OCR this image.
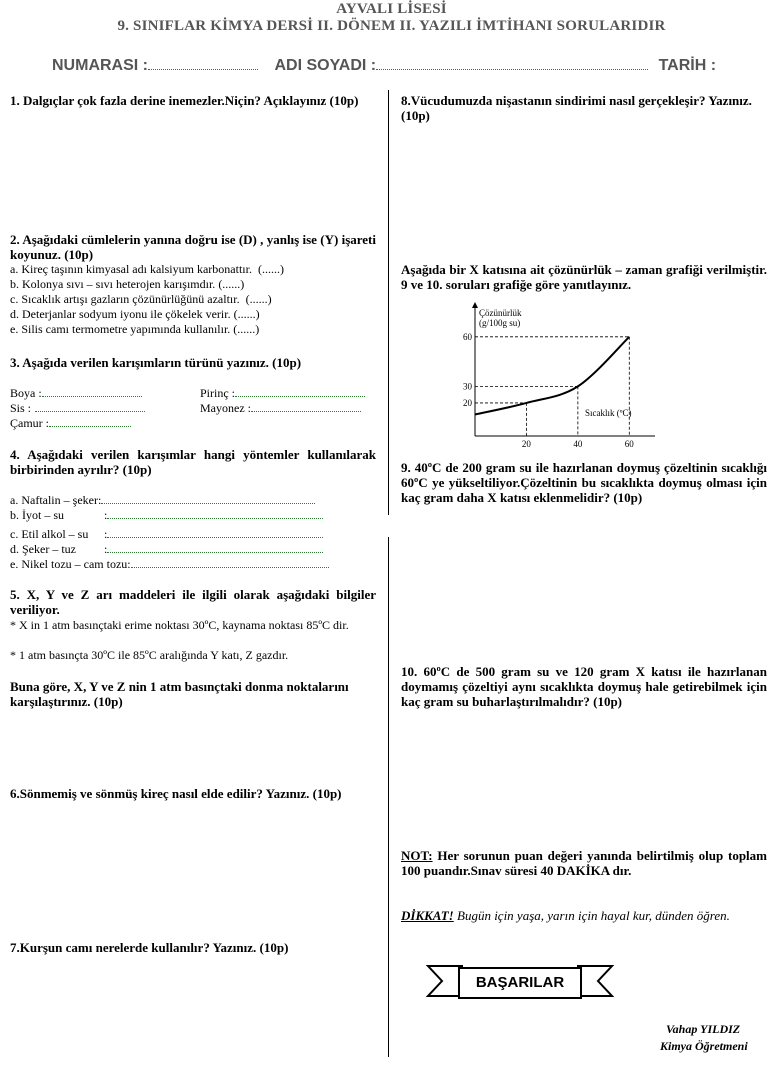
AYVALI LİSESİ
9. SINIFLAR KİMYA DERSİ II. DÖNEM II. YAZILI İMTİHANI SORULARIDIR
NUMARASI :	ADI SOYADI :	TARİH :
1. Dalgıçlar çok fazla derine inemezler.Niçin? Açıklayınız (10p)
2. Aşağıdaki cümlelerin yanına doğru ise (D) , yanlış ise (Y) işareti koyunuz. (10p)
a. Kireç taşının kimyasal adı kalsiyum karbonattır. (......)
b. Kolonya sıvı – sıvı heterojen karışımdır. (......)
c. Sıcaklık artışı gazların çözünürlüğünü azaltır. (......)
d. Deterjanlar sodyum iyonu ile çökelek verir. (......)
e. Silis camı termometre yapımında kullanılır. (......)
3. Aşağıda verilen karışımların türünü yazınız. (10p)
Boya :	Pirinç :
Sis :	Mayonez :
Çamur :
4. Aşağıdaki verilen karışımlar hangi yöntemler kullanılarak birbirinden ayrılır? (10p)
a. Naftalin – şeker:
b. İyot – su	:
c. Etil alkol – su :
d. Şeker – tuz :
e. Nikel tozu – cam tozu:
5. X, Y ve Z arı maddeleri ile ilgili olarak aşağıdaki bilgiler veriliyor.
* X in 1 atm basınçtaki erime noktası 30ºC, kaynama noktası 85ºC dir.
* 1 atm basınçta 30ºC ile 85ºC aralığında Y katı, Z gazdır.
Buna göre, X, Y ve Z nin 1 atm basınçtaki donma noktalarını karşılaştırınız. (10p)
6.Sönmemiş ve sönmüş kireç nasıl elde edilir? Yazınız. (10p)
7.Kurşun camı nerelerde kullanılır? Yazınız. (10p)
8.Vücudumuzda nişastanın sindirimi nasıl gerçekleşir? Yazınız. (10p)
Aşağıda bir X katısına ait çözünürlük – zaman grafiği verilmiştir. 9 ve 10. soruları grafiğe göre yanıtlayınız.
Çözünürlük
(g/100g su)
Sıcaklık (ºC)
20	40	60
20
30
60
9. 40ºC de 200 gram su ile hazırlanan doymuş çözeltinin sıcaklığı 60ºC ye yükseltiliyor.Çözeltinin bu sıcaklıkta doymuş olması için kaç gram daha X katısı eklenmelidir? (10p)
10. 60ºC de 500 gram su ve 120 gram X katısı ile hazırlanan doymamış çözeltiyi aynı sıcaklıkta doymuş hale getirebilmek için kaç gram su buharlaştırılmalıdır? (10p)
NOT: Her sorunun puan değeri yanında belirtilmiş olup toplam 100 puandır.Sınav süresi 40 DAKİKA dır.
DİKKAT! Bugün için yaşa, yarın için hayal kur, dünden öğren.
BAŞARILAR
Vahap YILDIZ
Kimya Öğretmeni
